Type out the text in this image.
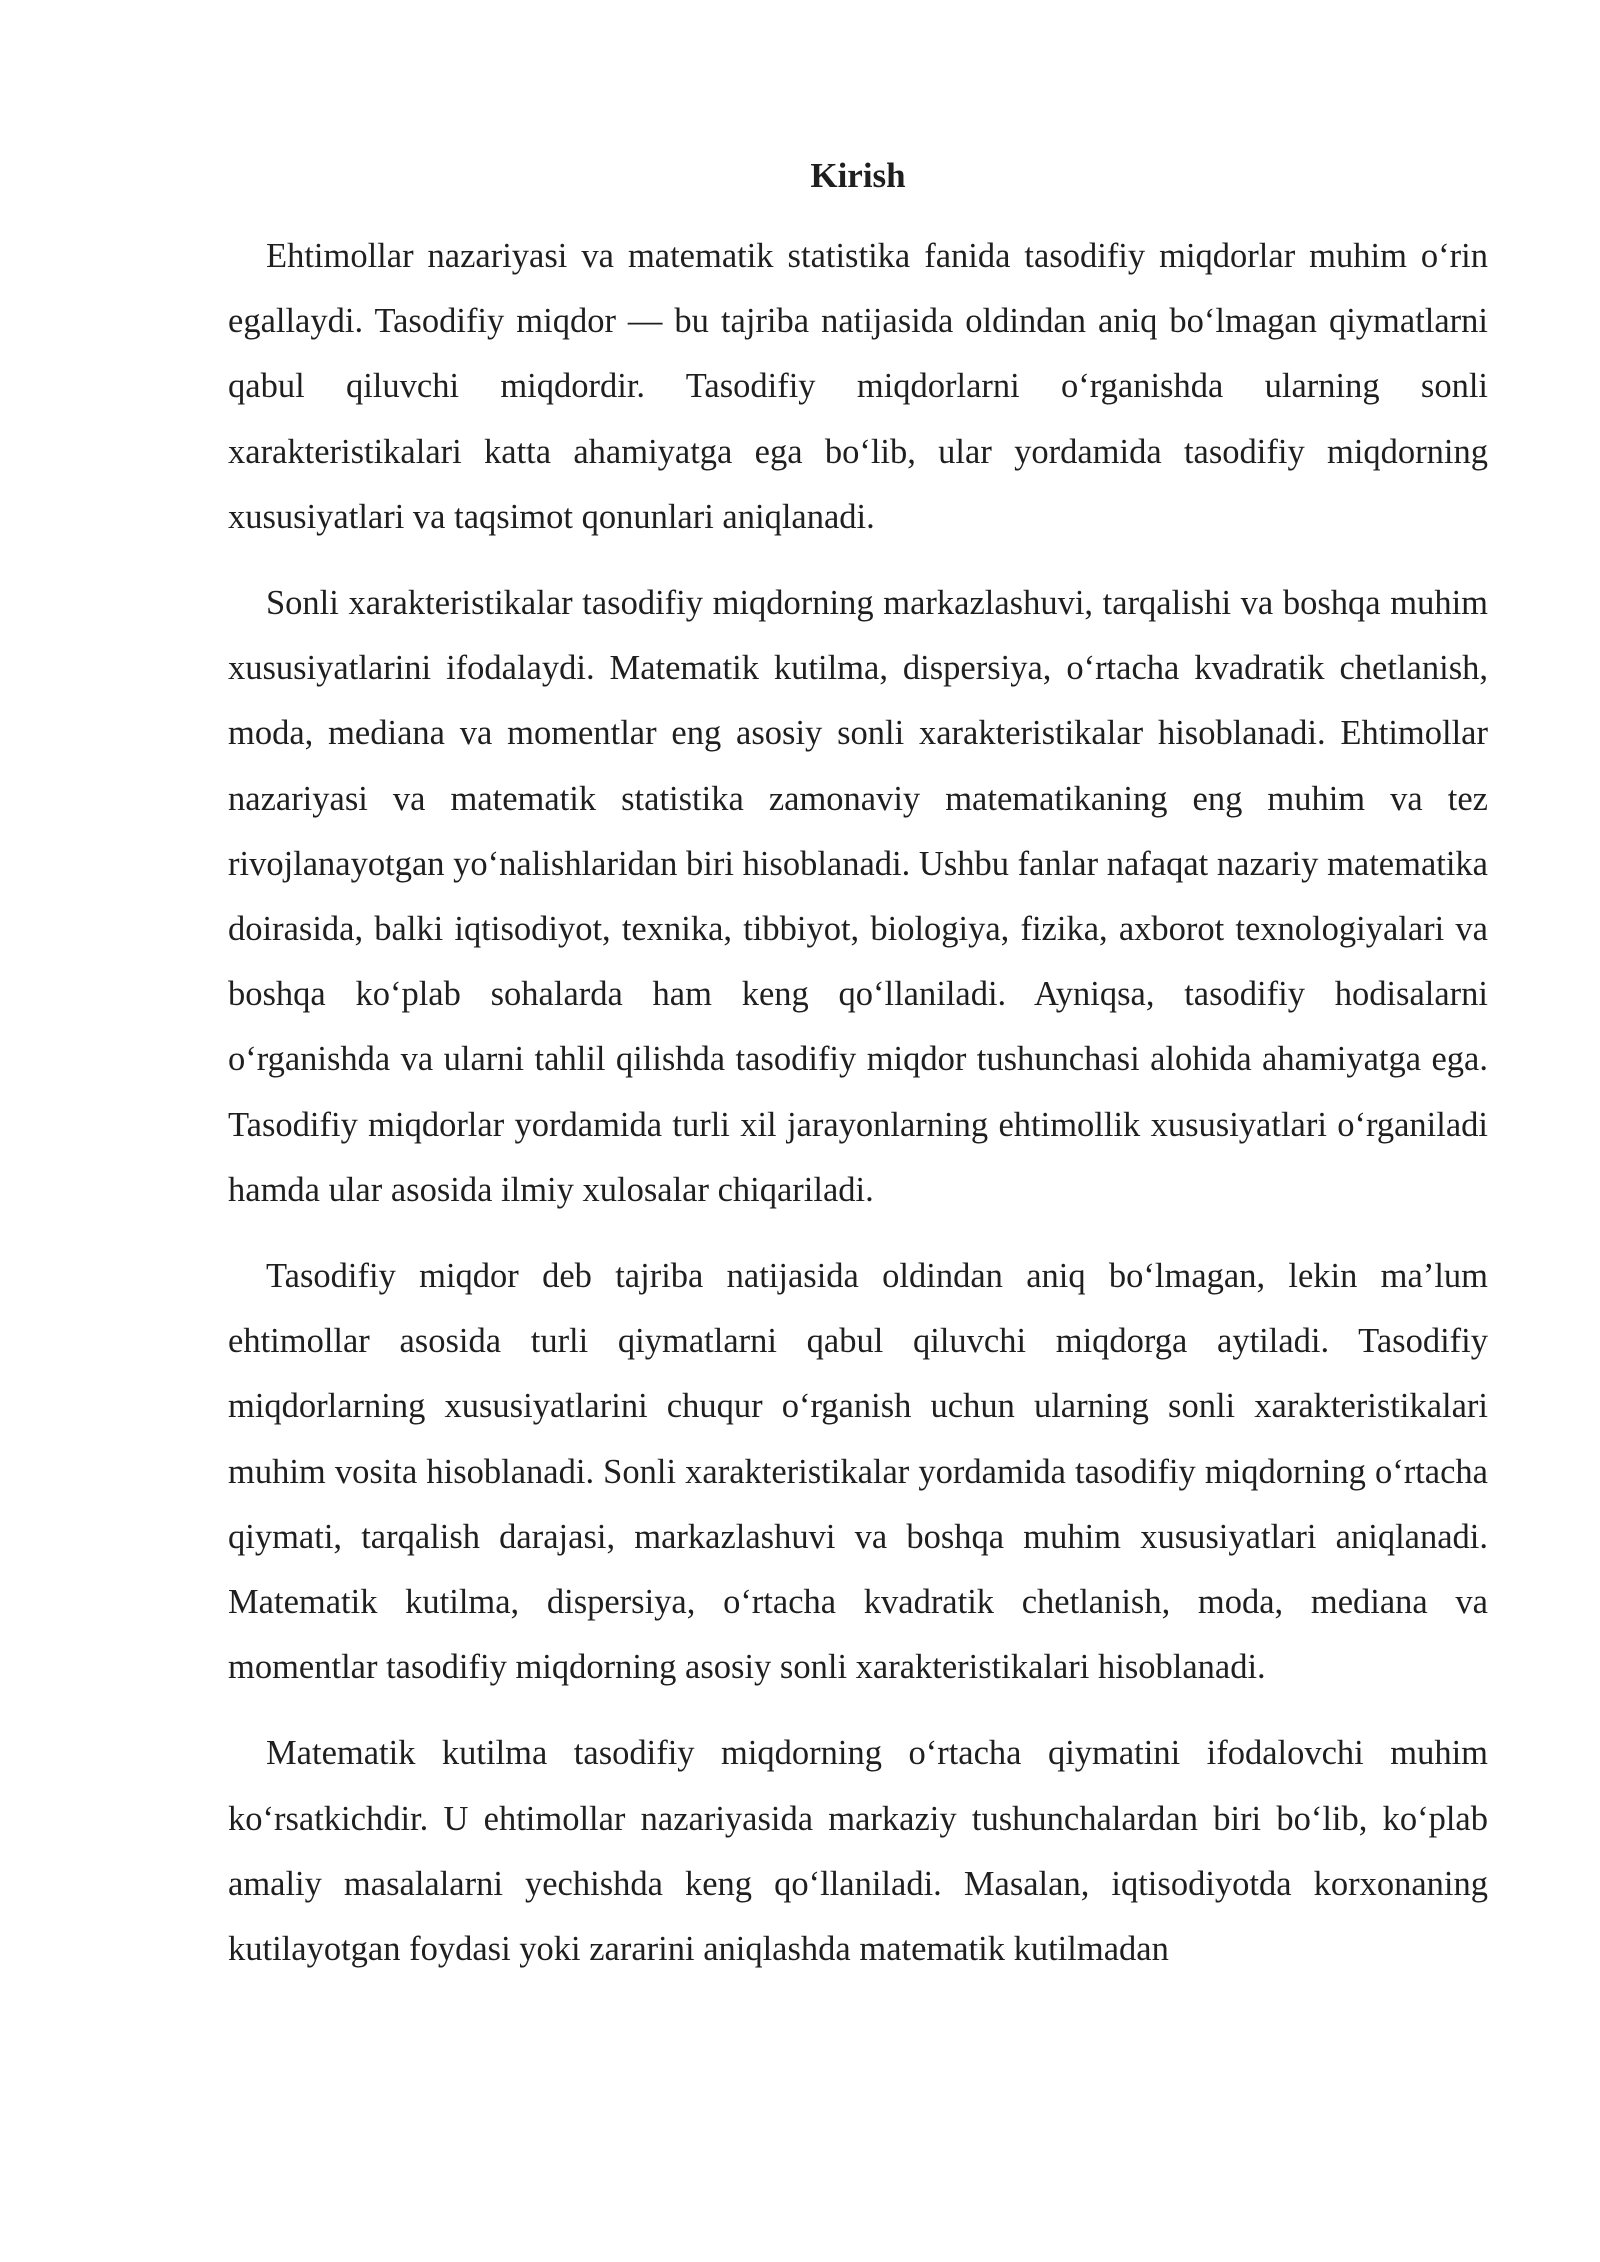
Kirish

Ehtimollar nazariyasi va matematik statistika fanida tasodifiy miqdorlar muhim o‘rin egallaydi. Tasodifiy miqdor — bu tajriba natijasida oldindan aniq bo‘lmagan qiymatlarni qabul qiluvchi miqdordir. Tasodifiy miqdorlarni o‘rganishda ularning sonli xarakteristikalari katta ahamiyatga ega bo‘lib, ular yordamida tasodifiy miqdorning xususiyatlari va taqsimot qonunlari aniqlanadi.

Sonli xarakteristikalar tasodifiy miqdorning markazlashuvi, tarqalishi va boshqa muhim xususiyatlarini ifodalaydi. Matematik kutilma, dispersiya, o‘rtacha kvadratik chetlanish, moda, mediana va momentlar eng asosiy sonli xarakteristikalar hisoblanadi. Ehtimollar nazariyasi va matematik statistika zamonaviy matematikaning eng muhim va tez rivojlanayotgan yo‘nalishlaridan biri hisoblanadi. Ushbu fanlar nafaqat nazariy matematika doirasida, balki iqtisodiyot, texnika, tibbiyot, biologiya, fizika, axborot texnologiyalari va boshqa ko‘plab sohalarda ham keng qo‘llaniladi. Ayniqsa, tasodifiy hodisalarni o‘rganishda va ularni tahlil qilishda tasodifiy miqdor tushunchasi alohida ahamiyatga ega. Tasodifiy miqdorlar yordamida turli xil jarayonlarning ehtimollik xususiyatlari o‘rganiladi hamda ular asosida ilmiy xulosalar chiqariladi.

Tasodifiy miqdor deb tajriba natijasida oldindan aniq bo‘lmagan, lekin ma’lum ehtimollar asosida turli qiymatlarni qabul qiluvchi miqdorga aytiladi. Tasodifiy miqdorlarning xususiyatlarini chuqur o‘rganish uchun ularning sonli xarakteristikalari muhim vosita hisoblanadi. Sonli xarakteristikalar yordamida tasodifiy miqdorning o‘rtacha qiymati, tarqalish darajasi, markazlashuvi va boshqa muhim xususiyatlari aniqlanadi. Matematik kutilma, dispersiya, o‘rtacha kvadratik chetlanish, moda, mediana va momentlar tasodifiy miqdorning asosiy sonli xarakteristikalari hisoblanadi.

Matematik kutilma tasodifiy miqdorning o‘rtacha qiymatini ifodalovchi muhim ko‘rsatkichdir. U ehtimollar nazariyasida markaziy tushunchalardan biri bo‘lib, ko‘plab amaliy masalalarni yechishda keng qo‘llaniladi. Masalan, iqtisodiyotda korxonaning kutilayotgan foydasi yoki zararini aniqlashda matematik kutilmadan
